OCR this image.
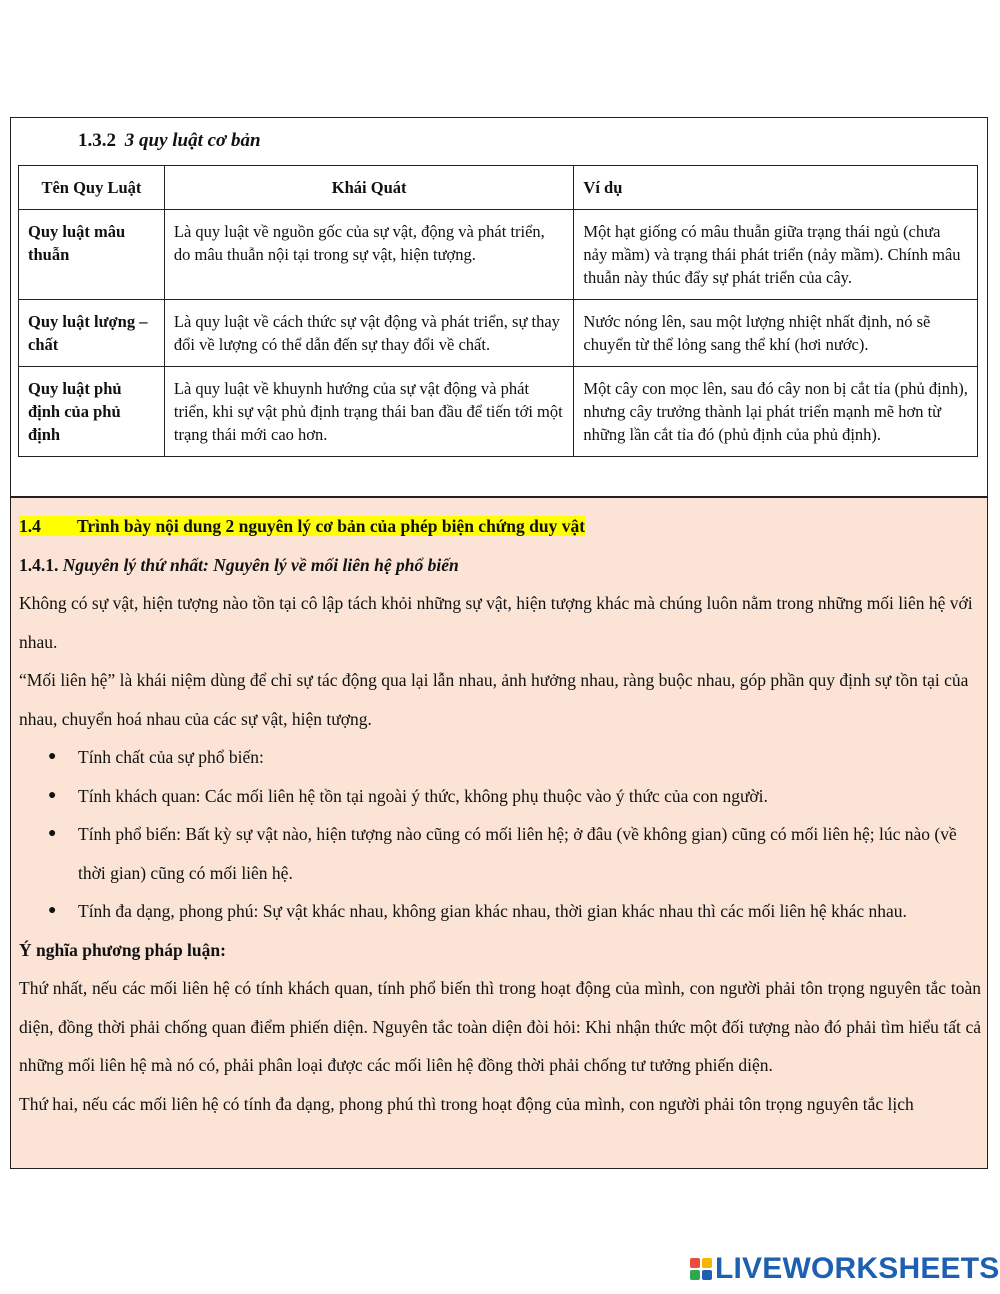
1.3.2 3 quy luật cơ bản
Tên Quy Luật	Khái Quát	Ví dụ
Quy luật mâu thuẫn	Là quy luật về nguồn gốc của sự vật, động và phát triển, do mâu thuẫn nội tại trong sự vật, hiện tượng.	Một hạt giống có mâu thuẫn giữa trạng thái ngủ (chưa nảy mầm) và trạng thái phát triển (nảy mầm). Chính mâu thuẫn này thúc đẩy sự phát triển của cây.
Quy luật lượng – chất	Là quy luật về cách thức sự vật động và phát triển, sự thay đổi về lượng có thể dẫn đến sự thay đổi về chất.	Nước nóng lên, sau một lượng nhiệt nhất định, nó sẽ chuyển từ thể lỏng sang thể khí (hơi nước).
Quy luật phủ định của phủ định	Là quy luật về khuynh hướng của sự vật động và phát triển, khi sự vật phủ định trạng thái ban đầu để tiến tới một trạng thái mới cao hơn.	Một cây con mọc lên, sau đó cây non bị cắt tỉa (phủ định), nhưng cây trưởng thành lại phát triển mạnh mẽ hơn từ những lần cắt tỉa đó (phủ định của phủ định).

1.4 Trình bày nội dung 2 nguyên lý cơ bản của phép biện chứng duy vật

1.4.1. Nguyên lý thứ nhất: Nguyên lý về mối liên hệ phổ biến

Không có sự vật, hiện tượng nào tồn tại cô lập tách khỏi những sự vật, hiện tượng khác mà chúng luôn nằm trong những mối liên hệ với nhau.

“Mối liên hệ” là khái niệm dùng để chỉ sự tác động qua lại lẫn nhau, ảnh hưởng nhau, ràng buộc nhau, góp phần quy định sự tồn tại của nhau, chuyển hoá nhau của các sự vật, hiện tượng.

● Tính chất của sự phổ biến:
● Tính khách quan: Các mối liên hệ tồn tại ngoài ý thức, không phụ thuộc vào ý thức của con người.
● Tính phổ biến: Bất kỳ sự vật nào, hiện tượng nào cũng có mối liên hệ; ở đâu (về không gian) cũng có mối liên hệ; lúc nào (về thời gian) cũng có mối liên hệ.
● Tính đa dạng, phong phú: Sự vật khác nhau, không gian khác nhau, thời gian khác nhau thì các mối liên hệ khác nhau.

Ý nghĩa phương pháp luận:

Thứ nhất, nếu các mối liên hệ có tính khách quan, tính phổ biến thì trong hoạt động của mình, con người phải tôn trọng nguyên tắc toàn diện, đồng thời phải chống quan điểm phiến diện. Nguyên tắc toàn diện đòi hỏi: Khi nhận thức một đối tượng nào đó phải tìm hiểu tất cả những mối liên hệ mà nó có, phải phân loại được các mối liên hệ đồng thời phải chống tư tưởng phiến diện.

Thứ hai, nếu các mối liên hệ có tính đa dạng, phong phú thì trong hoạt động của mình, con người phải tôn trọng nguyên tắc lịch

LIVEWORKSHEETS
